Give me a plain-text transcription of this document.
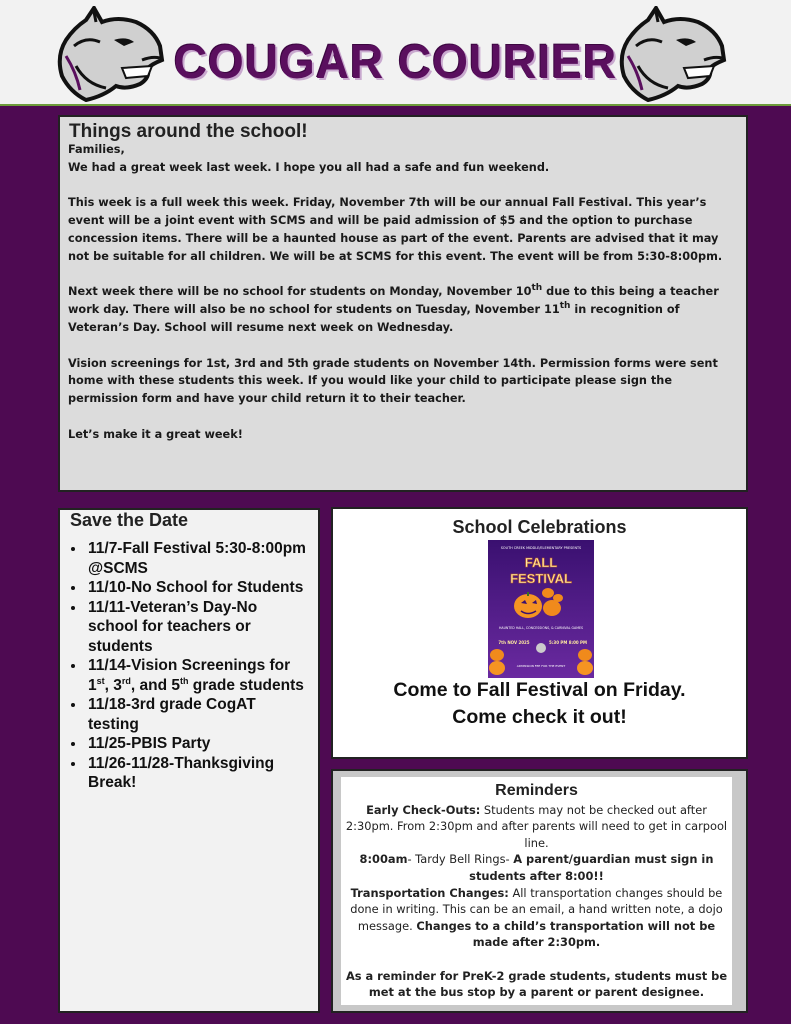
COUGAR COURIER
Things around the school!

Families,

We had a great week last week. I hope you all had a safe and fun weekend.

This week is a full week this week. Friday, November 7th will be our annual Fall Festival. This year’s event will be a joint event with SCMS and will be paid admission of $5 and the option to purchase concession items. There will be a haunted house as part of the event. Parents are advised that it may not be suitable for all children. We will be at SCMS for this event. The event will be from 5:30-8:00pm.

Next week there will be no school for students on Monday, November 10th due to this being a teacher work day. There will also be no school for students on Tuesday, November 11th in recognition of Veteran’s Day. School will resume next week on Wednesday.

Vision screenings for 1st, 3rd and 5th grade students on November 14th. Permission forms were sent home with these students this week. If you would like your child to participate please sign the permission form and have your child return it to their teacher.

Let’s make it a great week!

Save the Date
• 11/7-Fall Festival 5:30-8:00pm @SCMS
• 11/10-No School for Students
• 11/11-Veteran’s Day-No school for teachers or students
• 11/14-Vision Screenings for 1st, 3rd, and 5th grade students
• 11/18-3rd grade CogAT testing
• 11/25-PBIS Party
• 11/26-11/28-Thanksgiving Break!
School Celebrations
SOUTH CREEK MIDDLE/ELEMENTARY PRESENTS
FALL
FESTIVAL
HAUNTED HALL, CONCESSIONS, & CARNIVAL GAMES
7th NOV 2025	5:30 PM 8:00 PM
ADMISSION FEE FOR THE EVENT
Come to Fall Festival on Friday.
Come check it out!
Reminders

Early Check-Outs: Students may not be checked out after 2:30pm. From 2:30pm and after parents will need to get in carpool line.

8:00am- Tardy Bell Rings- A parent/guardian must sign in students after 8:00!!

Transportation Changes: All transportation changes should be done in writing. This can be an email, a hand written note, a dojo message. Changes to a child’s transportation will not be made after 2:30pm.

As a reminder for PreK-2 grade students, students must be met at the bus stop by a parent or parent designee.
